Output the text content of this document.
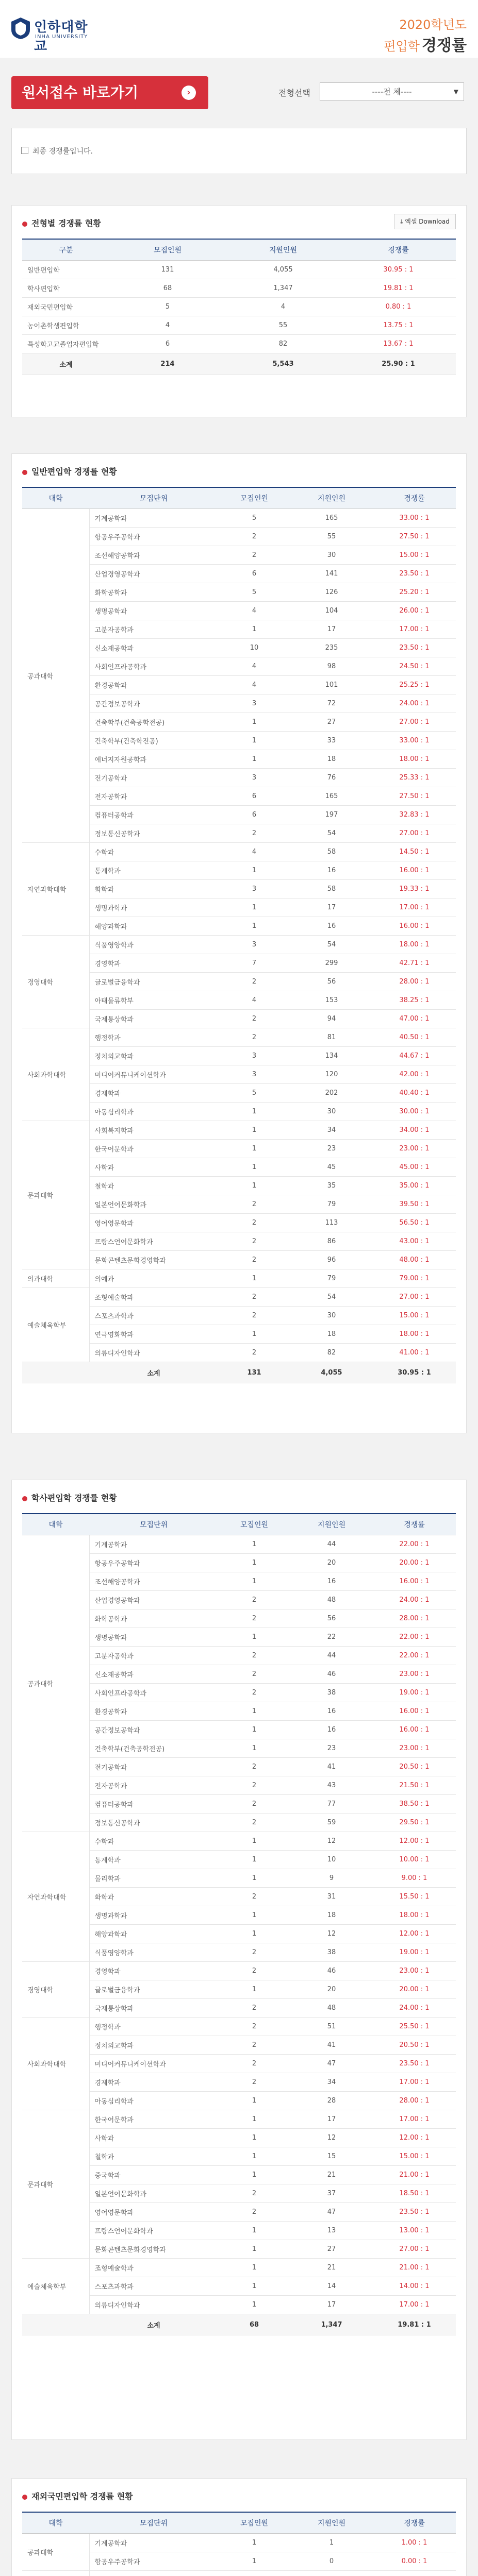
인하대학교
INHA UNIVERSITY
2020학년도
편입학 경쟁률
원서접수 바로가기	›	전형선택	----전 체----	▼
최종 경쟁률입니다.
전형별 경쟁률 현황	⤓ 엑셀 Download
구분	모집인원	지원인원	경쟁률
일반편입학	131	4,055	30.95 : 1
학사편입학	68	1,347	19.81 : 1
재외국민편입학	5	4	0.80 : 1
농어촌학생편입학	4	55	13.75 : 1
특성화고교졸업자편입학	6	82	13.67 : 1
소계	214	5,543	25.90 : 1
일반편입학 경쟁률 현황
대학	모집단위	모집인원	지원인원	경쟁률
공과대학	기계공학과	5	165	33.00 : 1
	항공우주공학과	2	55	27.50 : 1
	조선해양공학과	2	30	15.00 : 1
	산업경영공학과	6	141	23.50 : 1
	화학공학과	5	126	25.20 : 1
	생명공학과	4	104	26.00 : 1
	고분자공학과	1	17	17.00 : 1
	신소재공학과	10	235	23.50 : 1
	사회인프라공학과	4	98	24.50 : 1
	환경공학과	4	101	25.25 : 1
	공간정보공학과	3	72	24.00 : 1
	건축학부(건축공학전공)	1	27	27.00 : 1
	건축학부(건축학전공)	1	33	33.00 : 1
	에너지자원공학과	1	18	18.00 : 1
	전기공학과	3	76	25.33 : 1
	전자공학과	6	165	27.50 : 1
	컴퓨터공학과	6	197	32.83 : 1
	정보통신공학과	2	54	27.00 : 1
자연과학대학	수학과	4	58	14.50 : 1
	통계학과	1	16	16.00 : 1
	화학과	3	58	19.33 : 1
	생명과학과	1	17	17.00 : 1
	해양과학과	1	16	16.00 : 1
경영대학	식품영양학과	3	54	18.00 : 1
	경영학과	7	299	42.71 : 1
	글로벌금융학과	2	56	28.00 : 1
	아태물류학부	4	153	38.25 : 1
	국제통상학과	2	94	47.00 : 1
사회과학대학	행정학과	2	81	40.50 : 1
	정치외교학과	3	134	44.67 : 1
	미디어커뮤니케이션학과	3	120	42.00 : 1
	경제학과	5	202	40.40 : 1
	아동심리학과	1	30	30.00 : 1
문과대학	사회복지학과	1	34	34.00 : 1
	한국어문학과	1	23	23.00 : 1
	사학과	1	45	45.00 : 1
	철학과	1	35	35.00 : 1
	일본언어문화학과	2	79	39.50 : 1
	영어영문학과	2	113	56.50 : 1
	프랑스언어문화학과	2	86	43.00 : 1
	문화콘텐츠문화경영학과	2	96	48.00 : 1
의과대학	의예과	1	79	79.00 : 1
예술체육학부	조형예술학과	2	54	27.00 : 1
	스포츠과학과	2	30	15.00 : 1
	연극영화학과	1	18	18.00 : 1
	의류디자인학과	2	82	41.00 : 1
	소계	131	4,055	30.95 : 1
학사편입학 경쟁률 현황
대학	모집단위	모집인원	지원인원	경쟁률
공과대학	기계공학과	1	44	22.00 : 1
	항공우주공학과	1	20	20.00 : 1
	조선해양공학과	1	16	16.00 : 1
	산업경영공학과	2	48	24.00 : 1
	화학공학과	2	56	28.00 : 1
	생명공학과	1	22	22.00 : 1
	고분자공학과	2	44	22.00 : 1
	신소재공학과	2	46	23.00 : 1
	사회인프라공학과	2	38	19.00 : 1
	환경공학과	1	16	16.00 : 1
	공간정보공학과	1	16	16.00 : 1
	건축학부(건축공학전공)	1	23	23.00 : 1
	전기공학과	2	41	20.50 : 1
	전자공학과	2	43	21.50 : 1
	컴퓨터공학과	2	77	38.50 : 1
	정보통신공학과	2	59	29.50 : 1
자연과학대학	수학과	1	12	12.00 : 1
	통계학과	1	10	10.00 : 1
	물리학과	1	9	9.00 : 1
	화학과	2	31	15.50 : 1
	생명과학과	1	18	18.00 : 1
	해양과학과	1	12	12.00 : 1
	식품영양학과	2	38	19.00 : 1
경영대학	경영학과	2	46	23.00 : 1
	글로벌금융학과	1	20	20.00 : 1
	국제통상학과	2	48	24.00 : 1
사회과학대학	행정학과	2	51	25.50 : 1
	정치외교학과	2	41	20.50 : 1
	미디어커뮤니케이션학과	2	47	23.50 : 1
	경제학과	2	34	17.00 : 1
	아동심리학과	1	28	28.00 : 1
문과대학	한국어문학과	1	17	17.00 : 1
	사학과	1	12	12.00 : 1
	철학과	1	15	15.00 : 1
	중국학과	1	21	21.00 : 1
	일본언어문화학과	2	37	18.50 : 1
	영어영문학과	2	47	23.50 : 1
	프랑스언어문화학과	1	13	13.00 : 1
	문화콘텐츠문화경영학과	1	27	27.00 : 1
예술체육학부	조형예술학과	1	21	21.00 : 1
	스포츠과학과	1	14	14.00 : 1
	의류디자인학과	1	17	17.00 : 1
	소계	68	1,347	19.81 : 1
재외국민편입학 경쟁률 현황
대학	모집단위	모집인원	지원인원	경쟁률
공과대학	기계공학과	1	1	1.00 : 1
	항공우주공학과	1	0	0.00 : 1
